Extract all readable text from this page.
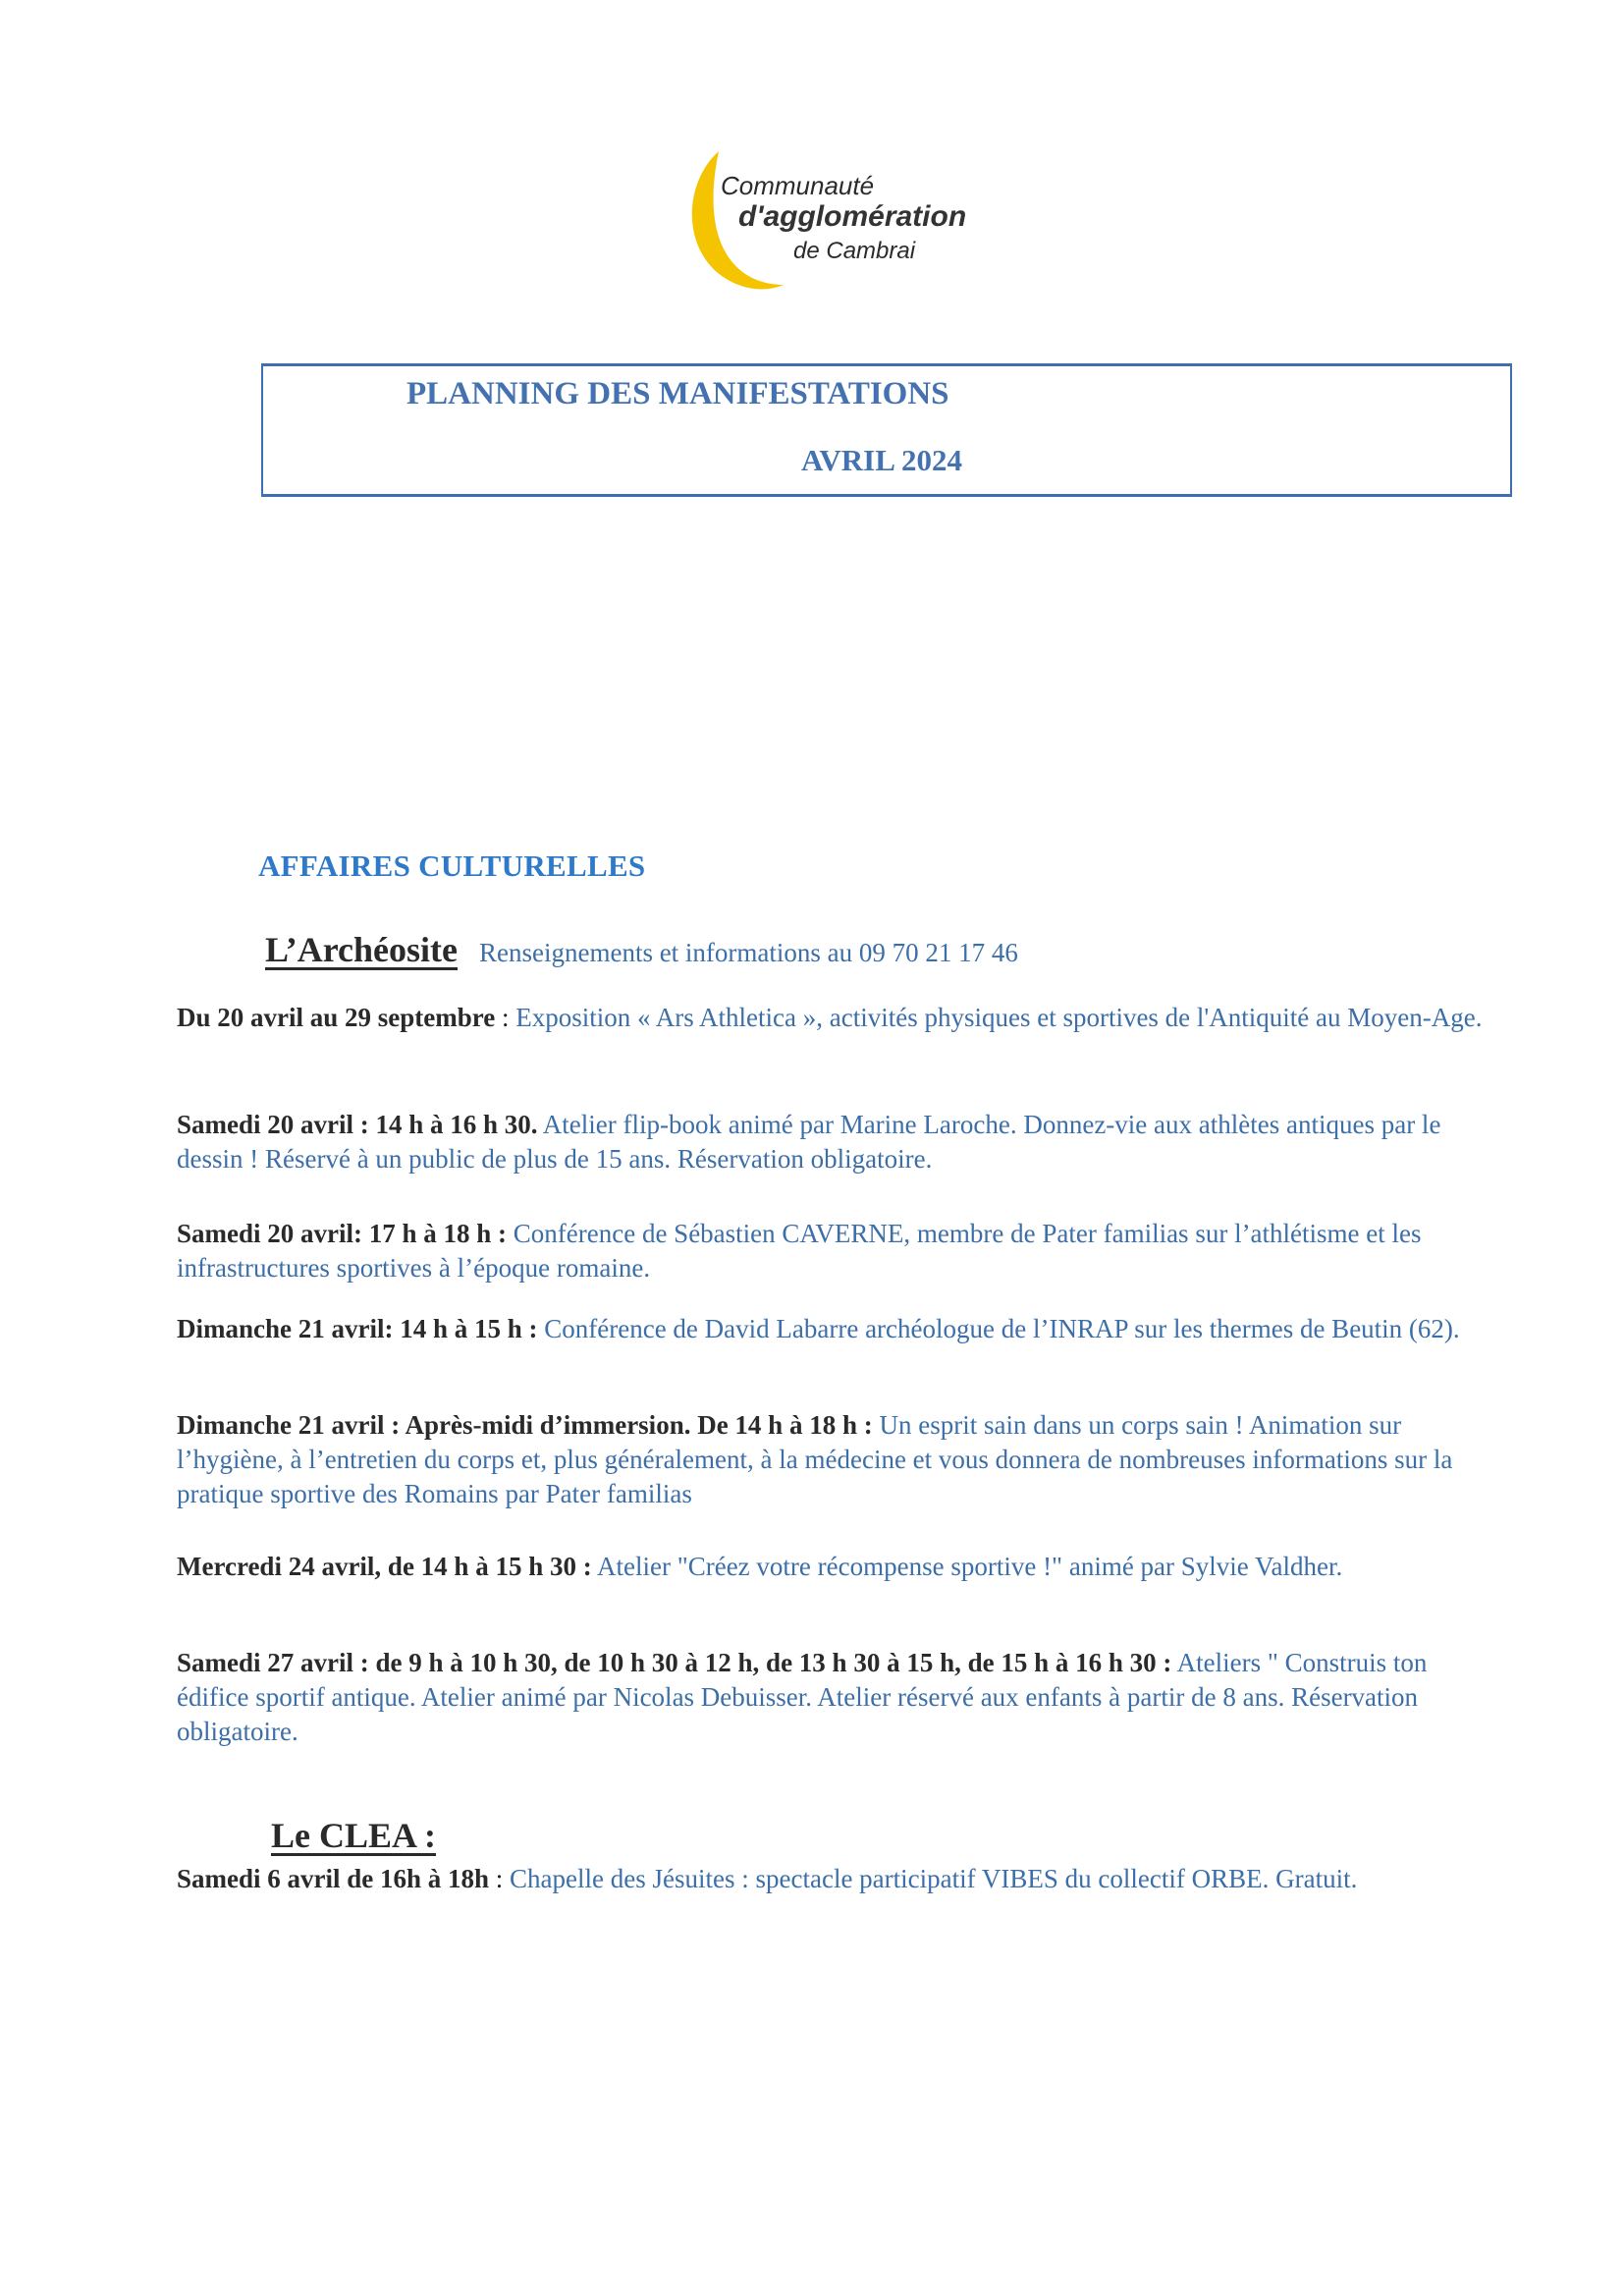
Communauté
d'agglomération
de Cambrai
PLANNING DES MANIFESTATIONS
AVRIL 2024
AFFAIRES CULTURELLES
L’Archéosite Renseignements et informations au 09 70 21 17 46
Du 20 avril au 29 septembre : Exposition « Ars Athletica », activités physiques et sportives de l'Antiquité au Moyen-Age.
Samedi 20 avril : 14 h à 16 h 30. Atelier flip-book animé par Marine Laroche. Donnez-vie aux athlètes antiques par le dessin ! Réservé à un public de plus de 15 ans. Réservation obligatoire.
Samedi 20 avril: 17 h à 18 h : Conférence de Sébastien CAVERNE, membre de Pater familias sur l’athlétisme et les infrastructures sportives à l’époque romaine.
Dimanche 21 avril: 14 h à 15 h : Conférence de David Labarre archéologue de l’INRAP sur les thermes de Beutin (62).
Dimanche 21 avril : Après-midi d’immersion. De 14 h à 18 h : Un esprit sain dans un corps sain ! Animation sur l’hygiène, à l’entretien du corps et, plus généralement, à la médecine et vous donnera de nombreuses informations sur la pratique sportive des Romains par Pater familias
Mercredi 24 avril, de 14 h à 15 h 30 : Atelier "Créez votre récompense sportive !" animé par Sylvie Valdher.
Samedi 27 avril : de 9 h à 10 h 30, de 10 h 30 à 12 h, de 13 h 30 à 15 h, de 15 h à 16 h 30 : Ateliers " Construis ton édifice sportif antique. Atelier animé par Nicolas Debuisser. Atelier réservé aux enfants à partir de 8 ans. Réservation obligatoire.
Le CLEA :
Samedi 6 avril de 16h à 18h : Chapelle des Jésuites : spectacle participatif VIBES du collectif ORBE. Gratuit.
